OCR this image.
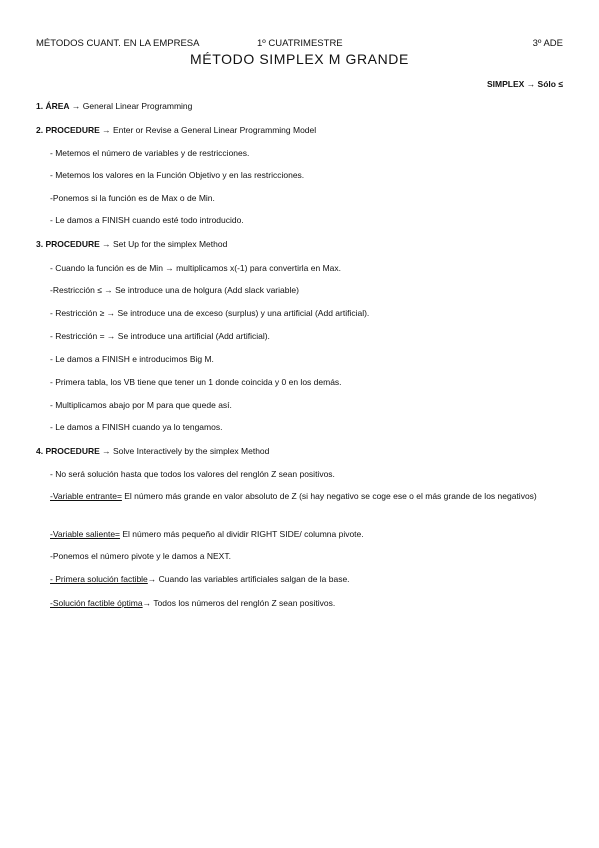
MÉTODOS CUANT. EN LA EMPRESA	1º CUATRIMESTRE	3º ADE
MÉTODO SIMPLEX M GRANDE
SIMPLEX → Sólo ≤
1. ÁREA → General Linear Programming
2. PROCEDURE → Enter or Revise a General Linear Programming Model
- Metemos el número de variables y de restricciones.
- Metemos los valores en la Función Objetivo y en las restricciones.
-Ponemos si la función es de Max o de Min.
- Le damos a FINISH cuando esté todo introducido.
3. PROCEDURE → Set Up for the simplex Method
- Cuando la función es de Min → multiplicamos x(-1) para convertirla en Max.
-Restricción ≤ → Se introduce una de holgura (Add slack variable)
- Restricción ≥ → Se introduce una de exceso (surplus) y una artificial (Add artificial).
- Restricción = → Se introduce una artificial (Add artificial).
- Le damos a FINISH e introducimos Big M.
- Primera tabla, los VB tiene que tener un 1 donde coincida y 0 en los demás.
- Multiplicamos abajo por M para que quede así.
- Le damos a FINISH cuando ya lo tengamos.
4. PROCEDURE → Solve Interactively by the simplex Method
- No será solución hasta que todos los valores del renglón Z sean positivos.
-Variable entrante= El número más grande en valor absoluto de Z (si hay negativo se coge ese o el más grande de los negativos)
-Variable saliente= El número más pequeño al dividir RIGHT SIDE/ columna pivote.
-Ponemos el número pivote y le damos a NEXT.
- Primera solución factible→ Cuando las variables artificiales salgan de la base.
-Solución factible óptima→ Todos los números del renglón Z sean positivos.
